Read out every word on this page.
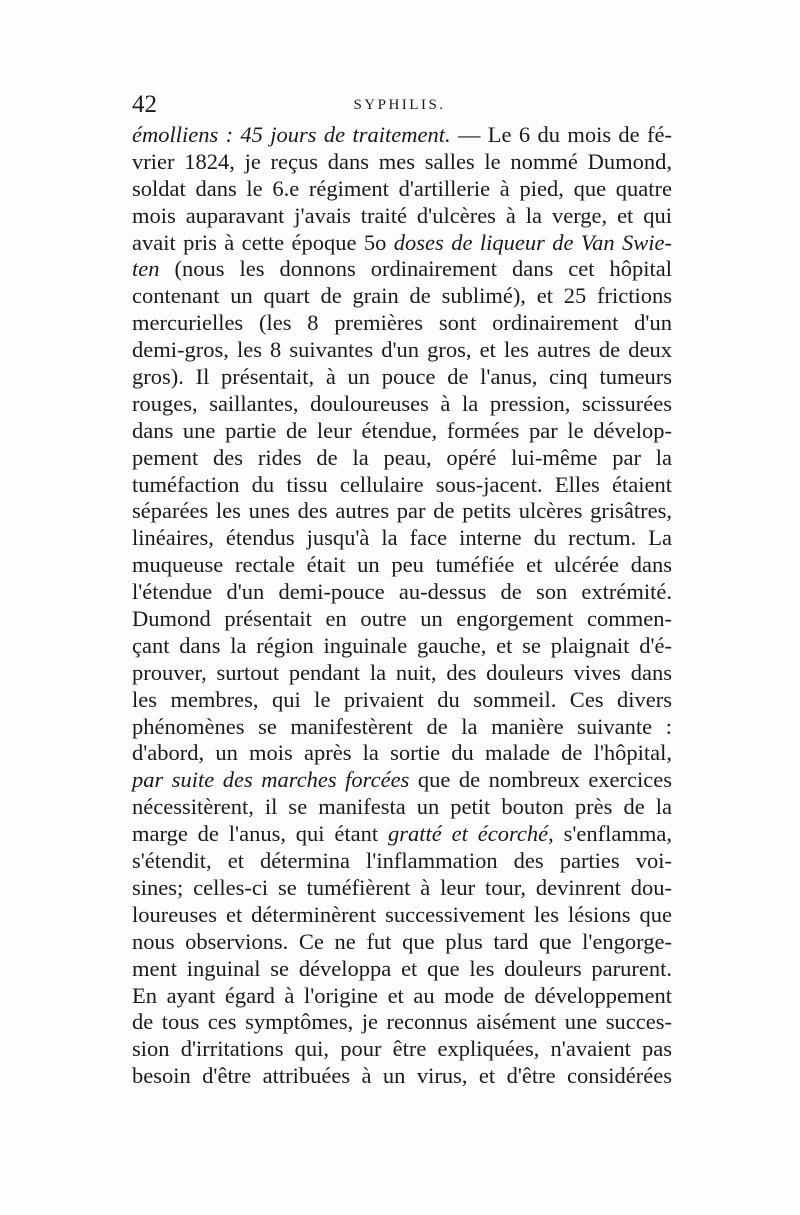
42	SYPHILIS.
émolliens : 45 jours de traitement. — Le 6 du mois de fé-
vrier 1824, je reçus dans mes salles le nommé Dumond,
soldat dans le 6.e régiment d'artillerie à pied, que quatre
mois auparavant j'avais traité d'ulcères à la verge, et qui
avait pris à cette époque 5o doses de liqueur de Van Swie-
ten (nous les donnons ordinairement dans cet hôpital
contenant un quart de grain de sublimé), et 25 frictions
mercurielles (les 8 premières sont ordinairement d'un
demi-gros, les 8 suivantes d'un gros, et les autres de deux
gros). Il présentait, à un pouce de l'anus, cinq tumeurs
rouges, saillantes, douloureuses à la pression, scissurées
dans une partie de leur étendue, formées par le dévelop-
pement des rides de la peau, opéré lui-même par la
tuméfaction du tissu cellulaire sous-jacent. Elles étaient
séparées les unes des autres par de petits ulcères grisâtres,
linéaires, étendus jusqu'à la face interne du rectum. La
muqueuse rectale était un peu tuméfiée et ulcérée dans
l'étendue d'un demi-pouce au-dessus de son extrémité.
Dumond présentait en outre un engorgement commen-
çant dans la région inguinale gauche, et se plaignait d'é-
prouver, surtout pendant la nuit, des douleurs vives dans
les membres, qui le privaient du sommeil. Ces divers
phénomènes se manifestèrent de la manière suivante :
d'abord, un mois après la sortie du malade de l'hôpital,
par suite des marches forcées que de nombreux exercices
nécessitèrent, il se manifesta un petit bouton près de la
marge de l'anus, qui étant gratté et écorché, s'enflamma,
s'étendit, et détermina l'inflammation des parties voi-
sines; celles-ci se tuméfièrent à leur tour, devinrent dou-
loureuses et déterminèrent successivement les lésions que
nous observions. Ce ne fut que plus tard que l'engorge-
ment inguinal se développa et que les douleurs parurent.
En ayant égard à l'origine et au mode de développement
de tous ces symptômes, je reconnus aisément une succes-
sion d'irritations qui, pour être expliquées, n'avaient pas
besoin d'être attribuées à un virus, et d'être considérées
